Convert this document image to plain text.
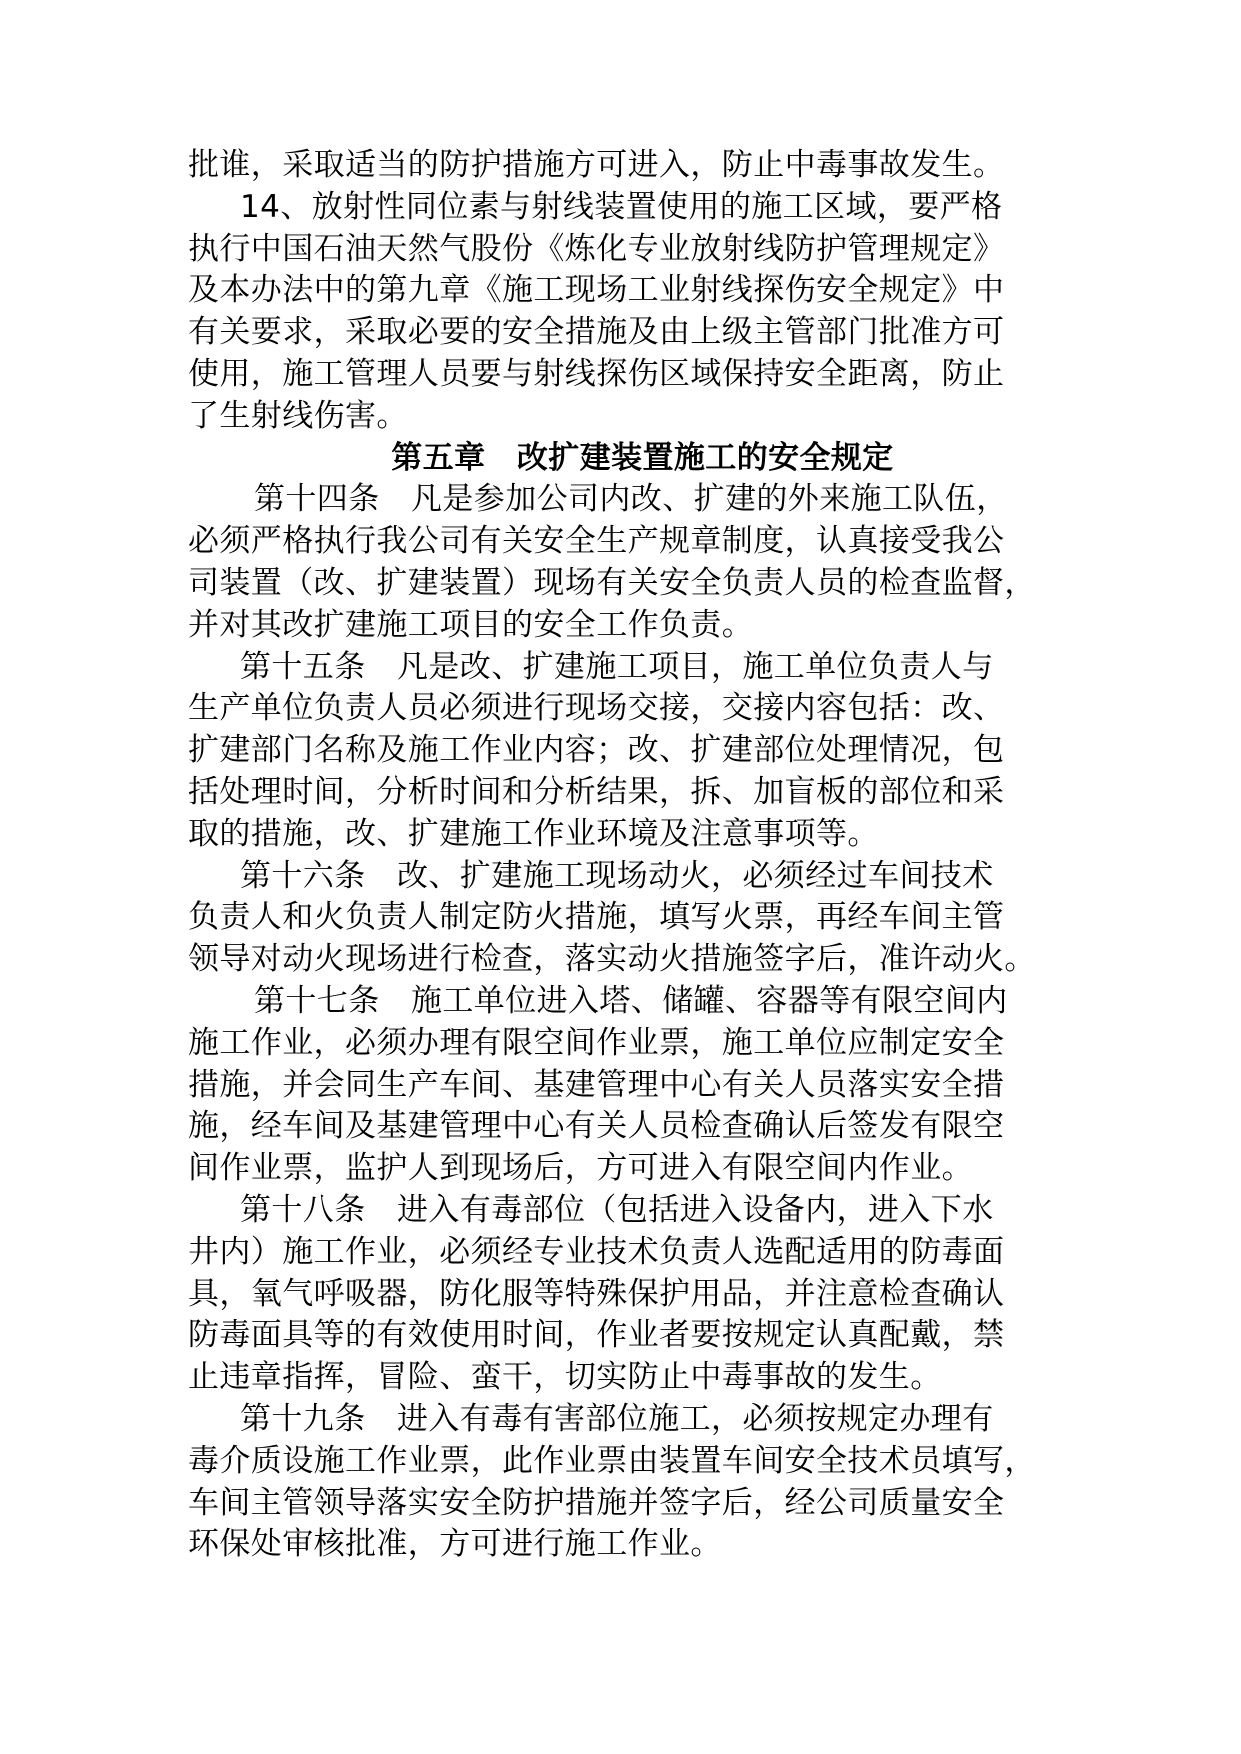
批谁，采取适当的防护措施方可进入，防止中毒事故发生。
14、放射性同位素与射线装置使用的施工区域，要严格
执行中国石油天然气股份《炼化专业放射线防护管理规定》
及本办法中的第九章《施工现场工业射线探伤安全规定》中
有关要求，采取必要的安全措施及由上级主管部门批准方可
使用，施工管理人员要与射线探伤区域保持安全距离，防止
了生射线伤害。
第五章　改扩建装置施工的安全规定
第十四条　凡是参加公司内改、扩建的外来施工队伍，
必须严格执行我公司有关安全生产规章制度，认真接受我公
司装置（改、扩建装置）现场有关安全负责人员的检查监督，
并对其改扩建施工项目的安全工作负责。
第十五条　凡是改、扩建施工项目，施工单位负责人与
生产单位负责人员必须进行现场交接，交接内容包括：改、
扩建部门名称及施工作业内容；改、扩建部位处理情况，包
括处理时间，分析时间和分析结果，拆、加盲板的部位和采
取的措施，改、扩建施工作业环境及注意事项等。
第十六条　改、扩建施工现场动火，必须经过车间技术
负责人和火负责人制定防火措施，填写火票，再经车间主管
领导对动火现场进行检查，落实动火措施签字后，准许动火。
第十七条　施工单位进入塔、储罐、容器等有限空间内
施工作业，必须办理有限空间作业票，施工单位应制定安全
措施，并会同生产车间、基建管理中心有关人员落实安全措
施，经车间及基建管理中心有关人员检查确认后签发有限空
间作业票，监护人到现场后，方可进入有限空间内作业。
第十八条　进入有毒部位（包括进入设备内，进入下水
井内）施工作业，必须经专业技术负责人选配适用的防毒面
具，氧气呼吸器，防化服等特殊保护用品，并注意检查确认
防毒面具等的有效使用时间，作业者要按规定认真配戴，禁
止违章指挥，冒险、蛮干，切实防止中毒事故的发生。
第十九条　进入有毒有害部位施工，必须按规定办理有
毒介质设施工作业票，此作业票由装置车间安全技术员填写，
车间主管领导落实安全防护措施并签字后，经公司质量安全
环保处审核批准，方可进行施工作业。
